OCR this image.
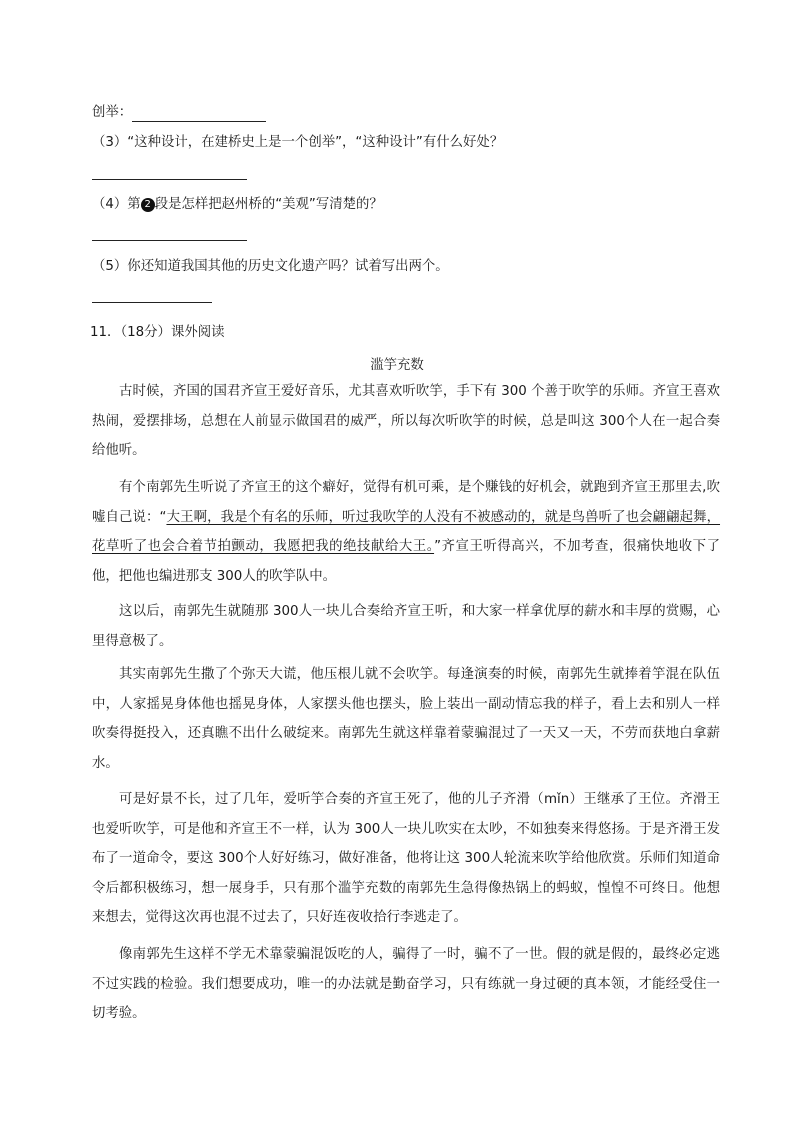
创举：
（3）“这种设计，在建桥史上是一个创举”，“这种设计”有什么好处？
（4）第 2 段是怎样把赵州桥的“美观”写清楚的？
（5）你还知道我国其他的历史文化遗产吗？试着写出两个。
11．（18分）课外阅读
滥竽充数
古时候，齐国的国君齐宣王爱好音乐，尤其喜欢听吹竽，手下有 300 个善于吹竽的乐师。齐宣王喜欢热闹，爱摆排场，总想在人前显示做国君的威严，所以每次听吹竽的时候，总是叫这 300个人在一起合奏给他听。
有个南郭先生听说了齐宣王的这个癖好，觉得有机可乘，是个赚钱的好机会，就跑到齐宣王那里去,吹嘘自己说：“大王啊，我是个有名的乐师，听过我吹竽的人没有不被感动的，就是鸟兽听了也会翩翩起舞，花草听了也会合着节拍颤动，我愿把我的绝技献给大王。”齐宣王听得高兴，不加考查，很痛快地收下了他，把他也编进那支 300人的吹竽队中。
这以后，南郭先生就随那 300人一块儿合奏给齐宣王听，和大家一样拿优厚的薪水和丰厚的赏赐，心里得意极了。
其实南郭先生撒了个弥天大谎，他压根儿就不会吹竽。每逢演奏的时候，南郭先生就捧着竽混在队伍中，人家摇晃身体他也摇晃身体，人家摆头他也摆头，脸上装出一副动情忘我的样子，看上去和别人一样吹奏得挺投入，还真瞧不出什么破绽来。南郭先生就这样靠着蒙骗混过了一天又一天，不劳而获地白拿薪水。
可是好景不长，过了几年，爱听竽合奏的齐宣王死了，他的儿子齐滑（mǐn）王继承了王位。齐滑王也爱听吹竽，可是他和齐宣王不一样，认为 300人一块儿吹实在太吵，不如独奏来得悠扬。于是齐滑王发布了一道命令，要这 300个人好好练习，做好准备，他将让这 300人轮流来吹竽给他欣赏。乐师们知道命令后都积极练习，想一展身手，只有那个滥竽充数的南郭先生急得像热锅上的蚂蚁，惶惶不可终日。他想来想去，觉得这次再也混不过去了，只好连夜收拾行李逃走了。
像南郭先生这样不学无术靠蒙骗混饭吃的人，骗得了一时，骗不了一世。假的就是假的，最终必定逃不过实践的检验。我们想要成功，唯一的办法就是勤奋学习，只有练就一身过硬的真本领，才能经受住一切考验。
